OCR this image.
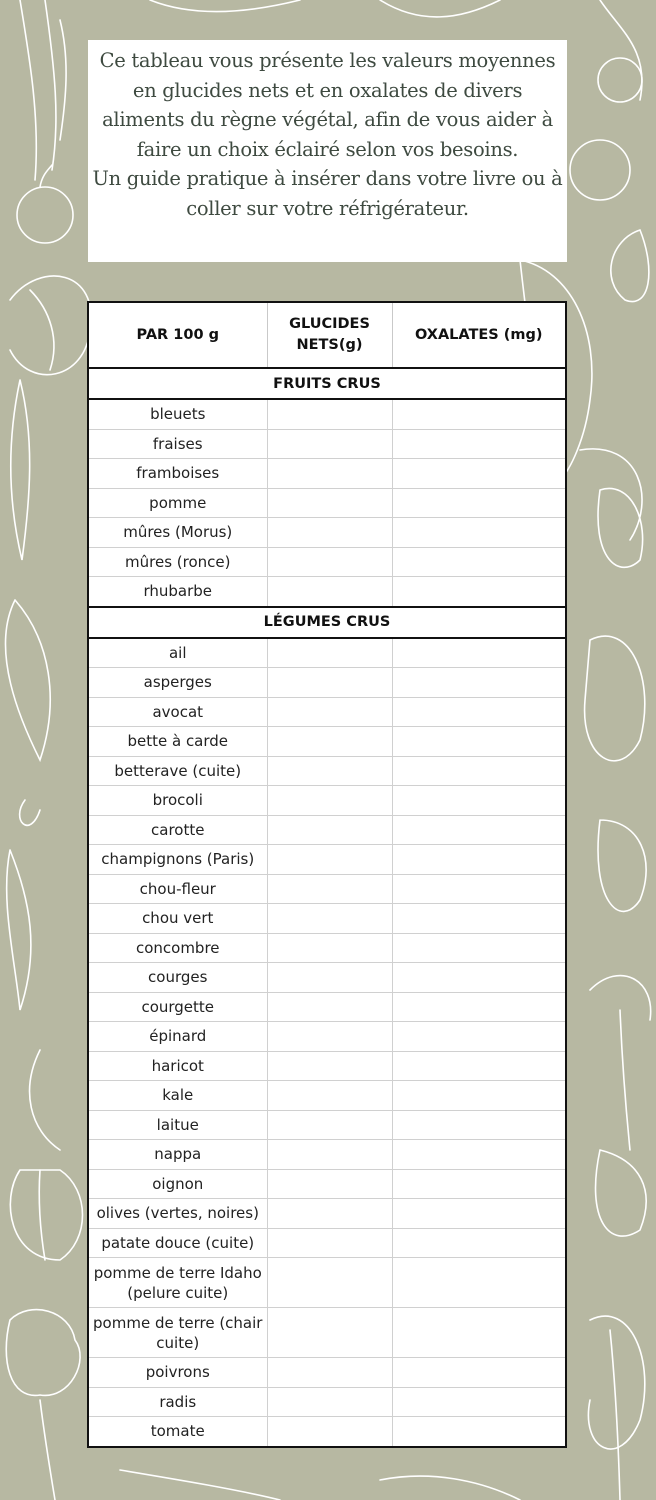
Ce tableau vous présente les valeurs moyennes en glucides nets et en oxalates de divers aliments du règne végétal, afin de vous aider à faire un choix éclairé selon vos besoins.

Un guide pratique à insérer dans votre livre ou à coller sur votre réfrigérateur.

PAR 100 g	GLUCIDES NETS(g)	OXALATES (mg)
FRUITS CRUS		
bleuets		
fraises		
framboises		
pomme		
mûres (Morus)		
mûres (ronce)		
rhubarbe		
LÉGUMES CRUS		
ail		
asperges		
avocat		
bette à carde		
betterave (cuite)		
brocoli		
carotte		
champignons (Paris)		
chou-fleur		
chou vert		
concombre		
courges		
courgette		
épinard		
haricot		
kale		
laitue		
nappa		
oignon		
olives (vertes, noires)		
patate douce (cuite)		
pomme de terre Idaho (pelure cuite)		
pomme de terre (chair cuite)		
poivrons		
radis		
tomate		
